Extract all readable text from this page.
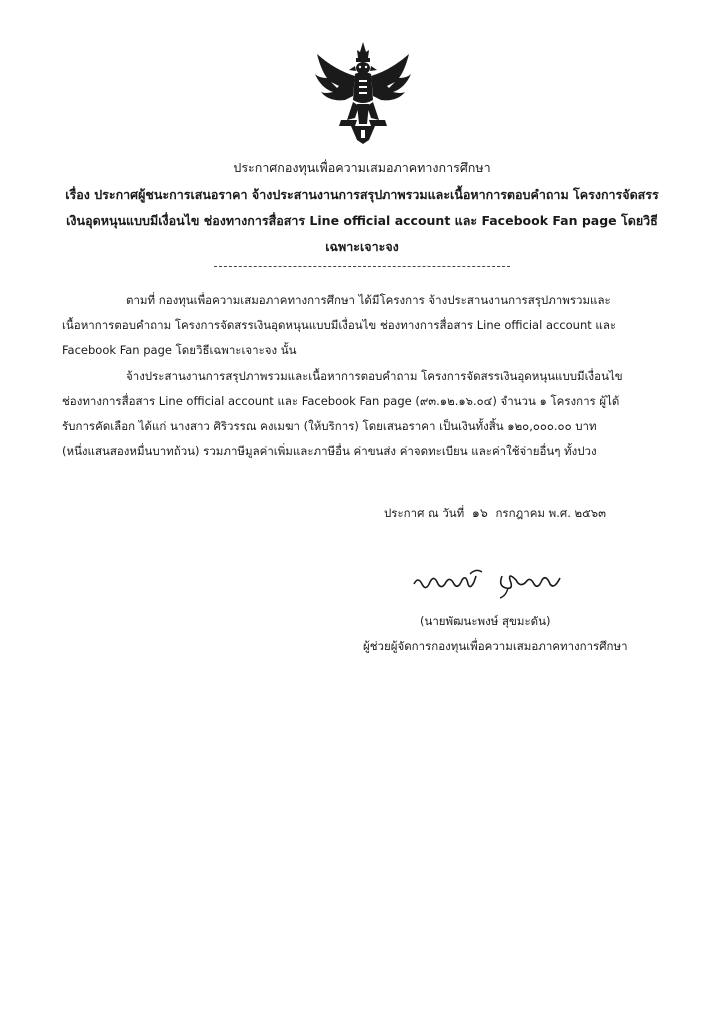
ประกาศกองทุนเพื่อความเสมอภาคทางการศึกษา
เรื่อง ประกาศผู้ชนะการเสนอราคา จ้างประสานงานการสรุปภาพรวมและเนื้อหาการตอบคำถาม โครงการจัดสรร
เงินอุดหนุนแบบมีเงื่อนไข ช่องทางการสื่อสาร Line official account และ Facebook Fan page โดยวิธี
เฉพาะเจาะจง
ตามที่ กองทุนเพื่อความเสมอภาคทางการศึกษา ได้มีโครงการ จ้างประสานงานการสรุปภาพรวมและ
เนื้อหาการตอบคำถาม โครงการจัดสรรเงินอุดหนุนแบบมีเงื่อนไข ช่องทางการสื่อสาร Line official account และ
Facebook Fan page โดยวิธีเฉพาะเจาะจง นั้น
จ้างประสานงานการสรุปภาพรวมและเนื้อหาการตอบคำถาม โครงการจัดสรรเงินอุดหนุนแบบมีเงื่อนไข
ช่องทางการสื่อสาร Line official account และ Facebook Fan page (๙๓.๑๒.๑๖.๐๔) จำนวน ๑ โครงการ ผู้ได้
รับการคัดเลือก ได้แก่ นางสาว ศิริวรรณ คงเมฆา (ให้บริการ) โดยเสนอราคา เป็นเงินทั้งสิ้น ๑๒๐,๐๐๐.๐๐ บาท
(หนึ่งแสนสองหมื่นบาทถ้วน) รวมภาษีมูลค่าเพิ่มและภาษีอื่น ค่าขนส่ง ค่าจดทะเบียน และค่าใช้จ่ายอื่นๆ ทั้งปวง
ประกาศ ณ วันที่ ๑๖ กรกฎาคม พ.ศ. ๒๕๖๓
(นายพัฒนะพงษ์ สุขมะดัน)
ผู้ช่วยผู้จัดการกองทุนเพื่อความเสมอภาคทางการศึกษา
